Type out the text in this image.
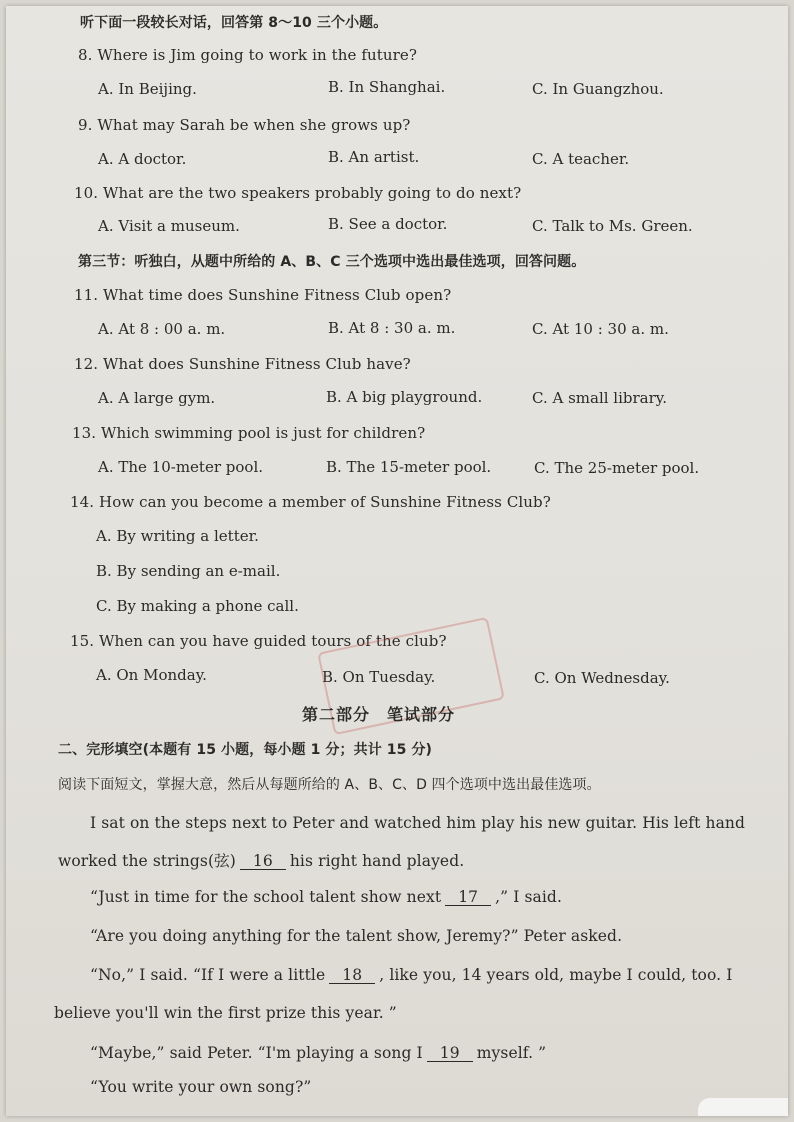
听下面一段较长对话，回答第 8～10 三个小题。
8. Where is Jim going to work in the future?
A. In Beijing.	B. In Shanghai.	C. In Guangzhou.
9. What may Sarah be when she grows up?
A. A doctor.	B. An artist.	C. A teacher.
10. What are the two speakers probably going to do next?
A. Visit a museum.	B. See a doctor.	C. Talk to Ms. Green.
第三节：听独白，从题中所给的 A、B、C 三个选项中选出最佳选项，回答问题。
11. What time does Sunshine Fitness Club open?
A. At 8 : 00 a. m.	B. At 8 : 30 a. m.	C. At 10 : 30 a. m.
12. What does Sunshine Fitness Club have?
A. A large gym.	B. A big playground.	C. A small library.
13. Which swimming pool is just for children?
A. The 10-meter pool.	B. The 15-meter pool.	C. The 25-meter pool.
14. How can you become a member of Sunshine Fitness Club?
A. By writing a letter.
B. By sending an e-mail.
C. By making a phone call.
15. When can you have guided tours of the club?
A. On Monday.	B. On Tuesday.	C. On Wednesday.
第二部分　笔试部分
二、完形填空(本题有 15 小题，每小题 1 分；共计 15 分)
阅读下面短文，掌握大意，然后从每题所给的 A、B、C、D 四个选项中选出最佳选项。
I sat on the steps next to Peter and watched him play his new guitar. His left hand
worked the strings(弦) 16 his right hand played.
“Just in time for the school talent show next 17 ,” I said.
“Are you doing anything for the talent show, Jeremy?” Peter asked.
“No,” I said. “If I were a little 18 , like you, 14 years old, maybe I could, too. I
believe you'll win the first prize this year. ”
“Maybe,” said Peter. “I'm playing a song I 19 myself. ”
“You write your own song?”
